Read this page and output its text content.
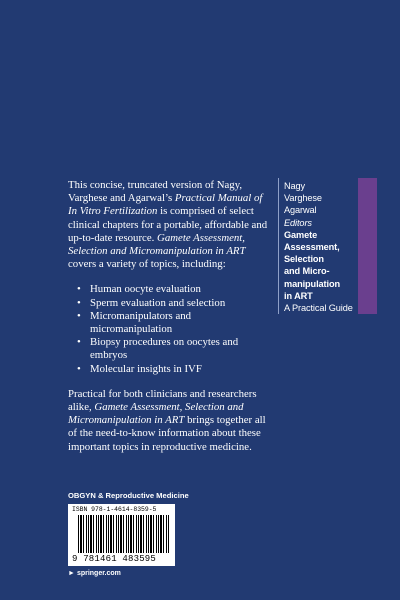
This concise, truncated version of Nagy, Varghese and Agarwal’s Practical Manual of In Vitro Fertilization is comprised of select clinical chapters for a portable, affordable and up-to-date resource. Gamete Assessment, Selection and Micromanipulation in ART covers a variety of topics, including:

• Human oocyte evaluation
• Sperm evaluation and selection
• Micromanipulators and micromanipulation
• Biopsy procedures on oocytes and embryos
• Molecular insights in IVF

Practical for both clinicians and researchers alike, Gamete Assessment, Selection and Micromanipulation in ART brings together all of the need-to-know information about these important topics in reproductive medicine.

Nagy
Varghese
Agarwal
Editors
Gamete
Assessment,
Selection
and Micro-
manipulation
in ART
A Practical Guide
OBGYN & Reproductive Medicine
ISBN 978-1-4614-8359-5
9 781461 483595
► springer.com
